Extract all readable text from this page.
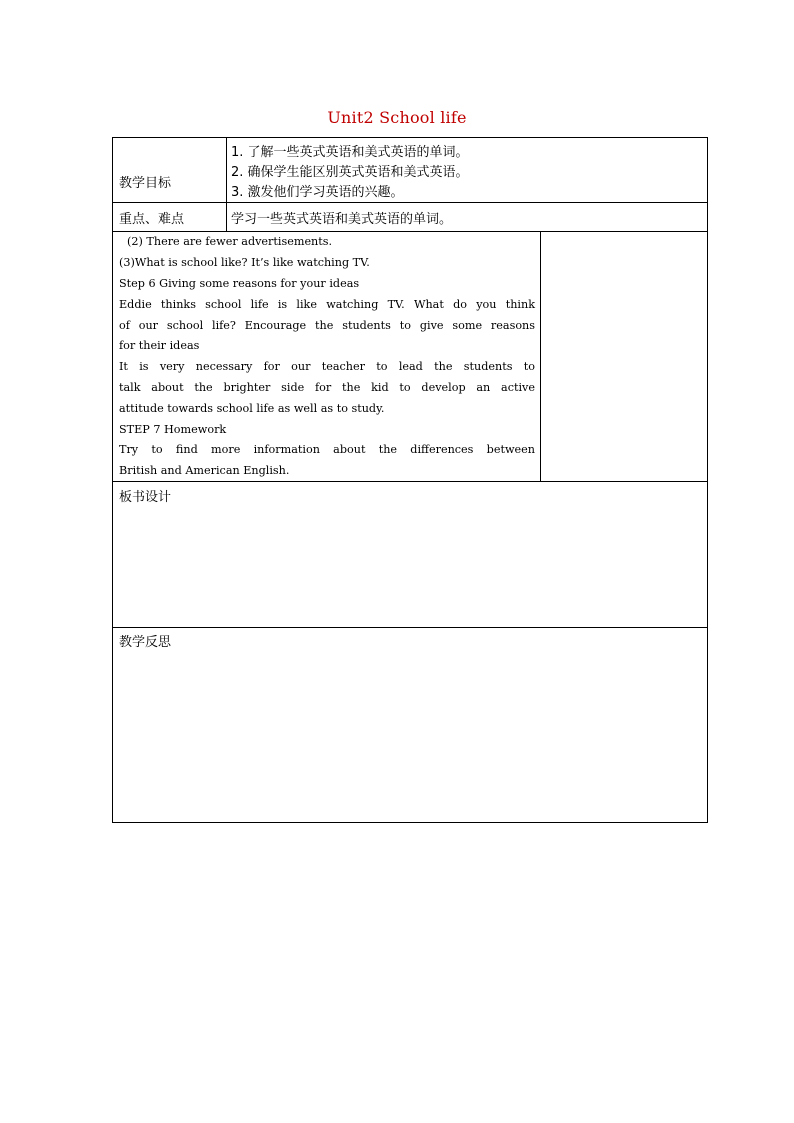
Unit2 School life
教学目标
1. 了解一些英式英语和美式英语的单词。
2. 确保学生能区别英式英语和美式英语。
3. 激发他们学习英语的兴趣。
重点、难点	学习一些英式英语和美式英语的单词。
(2) There are fewer advertisements.
(3)What is school like? It’s like watching TV.
Step 6 Giving some reasons for your ideas
Eddie thinks school life is like watching TV. What do you think
of our school life? Encourage the students to give some reasons
for their ideas
It is very necessary for our teacher to lead the students to
talk about the brighter side for the kid to develop an active
attitude towards school life as well as to study.
STEP 7 Homework
Try to find more information about the differences between
British and American English.
板书设计
教学反思
